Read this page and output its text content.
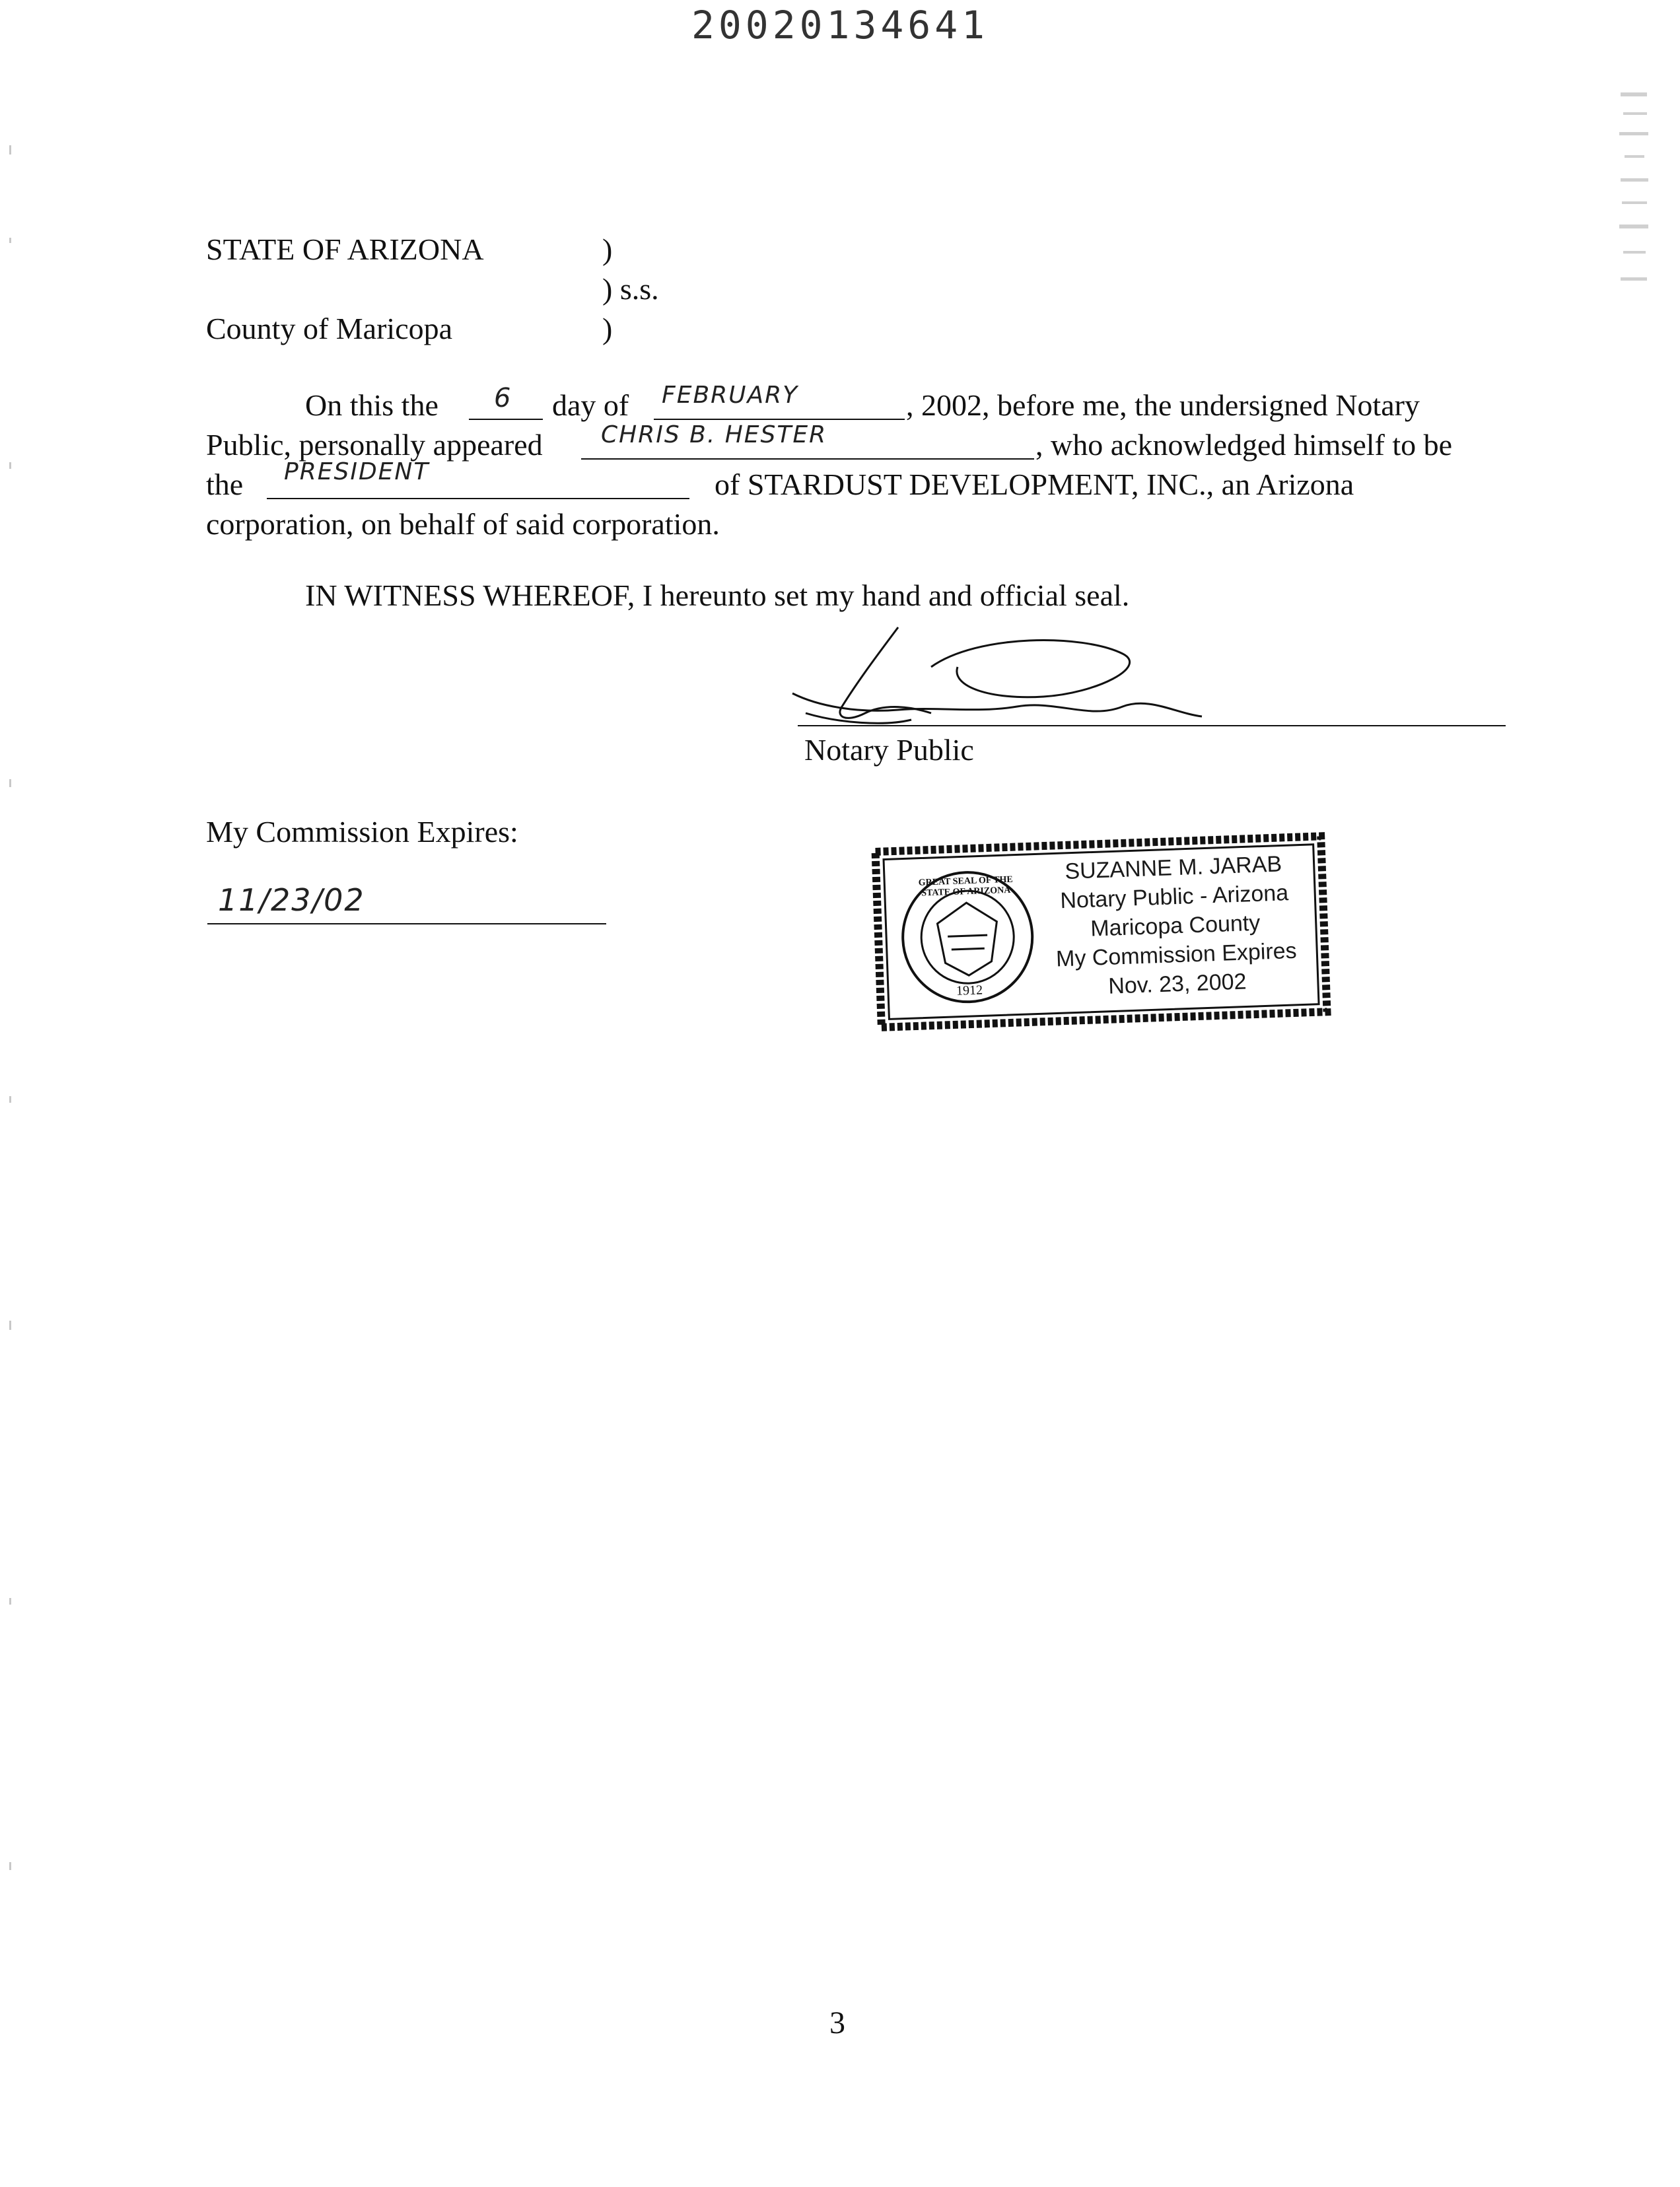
20020134641
STATE OF ARIZONA	)
) s.s.
County of Maricopa	)
On this the 6 day of FEBRUARY	, 2002, before me, the undersigned Notary
Public, personally appeared CHRIS B. HESTER	, who acknowledged himself to be
the PRESIDENT	of STARDUST DEVELOPMENT, INC., an Arizona
corporation, on behalf of said corporation.
IN WITNESS WHEREOF, I hereunto set my hand and official seal.
Notary Public
My Commission Expires:
11/23/02
GREAT SEAL OF THE STATE OF ARIZONA
1912
SUZANNE M. JARAB
Notary Public - Arizona
Maricopa County
My Commission Expires
Nov. 23, 2002
3
